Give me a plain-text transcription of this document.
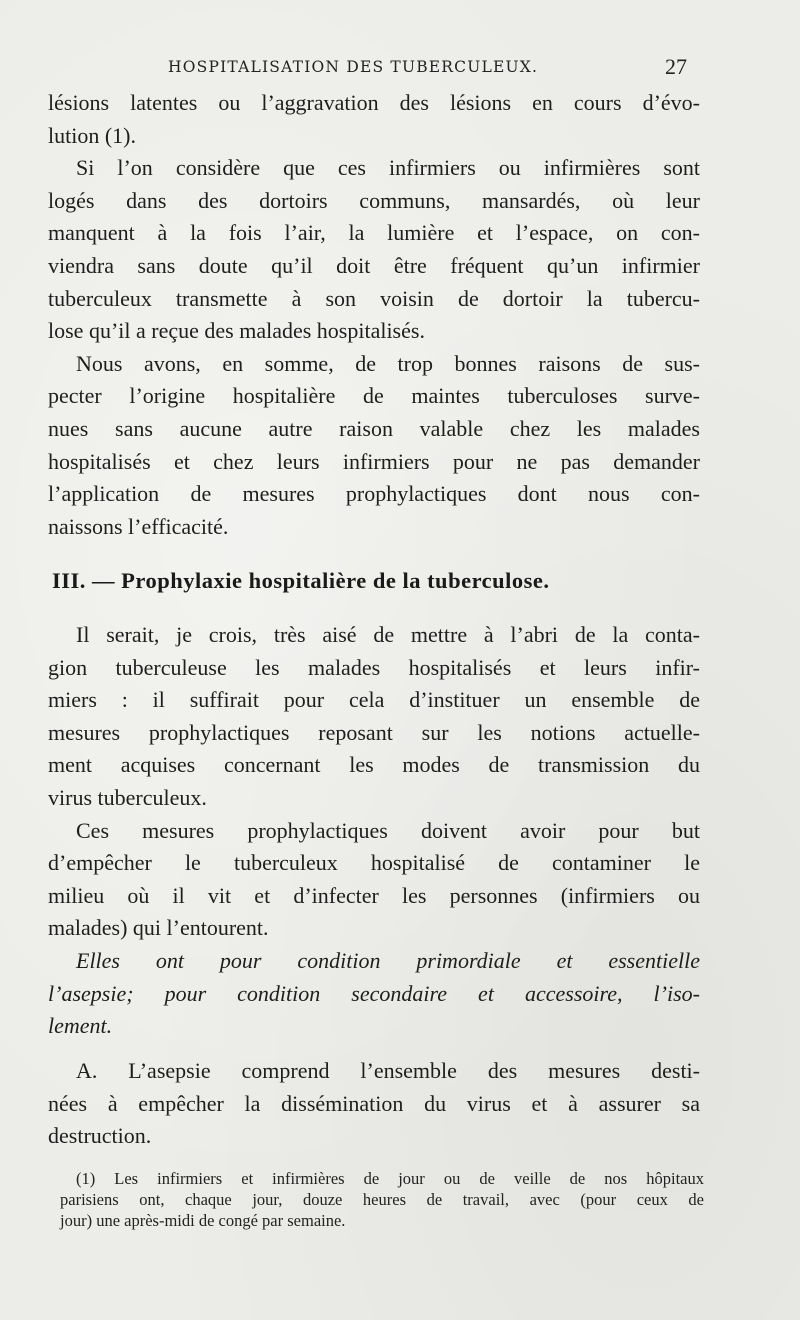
HOSPITALISATION DES TUBERCULEUX.	27
lésions latentes ou l’aggravation des lésions en cours d’évo-
lution (1).
Si l’on considère que ces infirmiers ou infirmières sont
logés dans des dortoirs communs, mansardés, où leur
manquent à la fois l’air, la lumière et l’espace, on con-
viendra sans doute qu’il doit être fréquent qu’un infirmier
tuberculeux transmette à son voisin de dortoir la tubercu-
lose qu’il a reçue des malades hospitalisés.
Nous avons, en somme, de trop bonnes raisons de sus-
pecter l’origine hospitalière de maintes tuberculoses surve-
nues sans aucune autre raison valable chez les malades
hospitalisés et chez leurs infirmiers pour ne pas demander
l’application de mesures prophylactiques dont nous con-
naissons l’efficacité.
III. — Prophylaxie hospitalière de la tuberculose.
Il serait, je crois, très aisé de mettre à l’abri de la conta-
gion tuberculeuse les malades hospitalisés et leurs infir-
miers : il suffirait pour cela d’instituer un ensemble de
mesures prophylactiques reposant sur les notions actuelle-
ment acquises concernant les modes de transmission du
virus tuberculeux.
Ces mesures prophylactiques doivent avoir pour but
d’empêcher le tuberculeux hospitalisé de contaminer le
milieu où il vit et d’infecter les personnes (infirmiers ou
malades) qui l’entourent.
Elles ont pour condition primordiale et essentielle
l’asepsie; pour condition secondaire et accessoire, l’iso-
lement.
A. L’asepsie comprend l’ensemble des mesures desti-
nées à empêcher la dissémination du virus et à assurer sa
destruction.
(1) Les infirmiers et infirmières de jour ou de veille de nos hôpitaux
parisiens ont, chaque jour, douze heures de travail, avec (pour ceux de
jour) une après-midi de congé par semaine.
